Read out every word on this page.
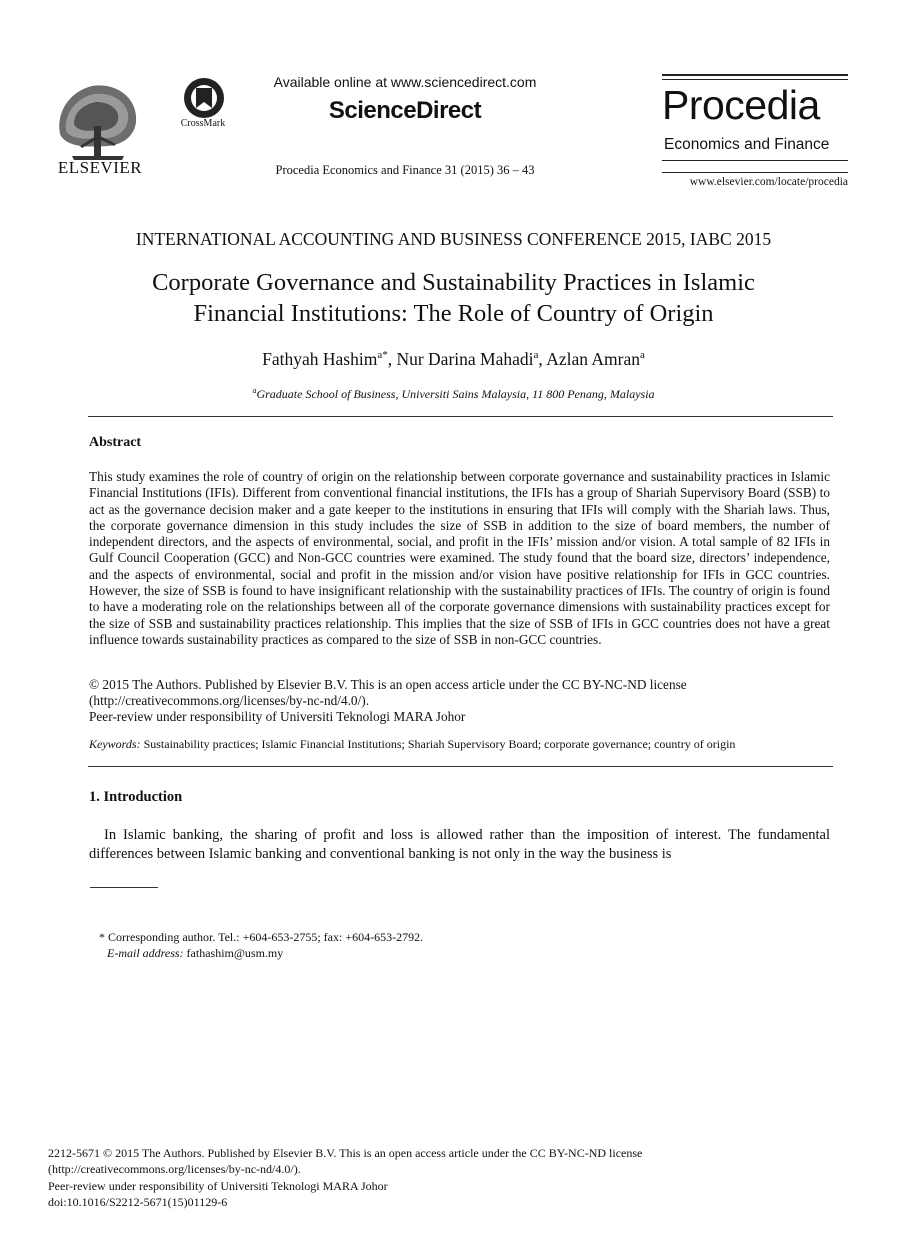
ELSEVIER
CrossMark
Available online at www.sciencedirect.com
ScienceDirect
Procedia Economics and Finance 31 (2015) 36 – 43
Procedia
Economics and Finance
www.elsevier.com/locate/procedia
INTERNATIONAL ACCOUNTING AND BUSINESS CONFERENCE 2015, IABC 2015
Corporate Governance and Sustainability Practices in Islamic
Financial Institutions: The Role of Country of Origin
Fathyah Hashim$^{a*}$, Nur Darina Mahadi$^a$, Azlan Amran$^a$
$^a$Graduate School of Business, Universiti Sains Malaysia, 11 800 Penang, Malaysia
Abstract
This study examines the role of country of origin on the relationship between corporate governance and sustainability practices in Islamic Financial Institutions (IFIs). Different from conventional financial institutions, the IFIs has a group of Shariah Supervisory Board (SSB) to act as the governance decision maker and a gate keeper to the institutions in ensuring that IFIs will comply with the Shariah laws. Thus, the corporate governance dimension in this study includes the size of SSB in addition to the size of board members, the number of independent directors, and the aspects of environmental, social, and profit in the IFIs’ mission and/or vision. A total sample of 82 IFIs in Gulf Council Cooperation (GCC) and Non-GCC countries were examined. The study found that the board size, directors’ independence, and the aspects of environmental, social and profit in the mission and/or vision have positive relationship for IFIs in GCC countries. However, the size of SSB is found to have insignificant relationship with the sustainability practices of IFIs. The country of origin is found to have a moderating role on the relationships between all of the corporate governance dimensions with sustainability practices except for the size of SSB and sustainability practices relationship. This implies that the size of SSB of IFIs in GCC countries does not have a great influence towards sustainability practices as compared to the size of SSB in non-GCC countries.
© 2015 The Authors. Published by Elsevier B.V. This is an open access article under the CC BY-NC-ND license
(http://creativecommons.org/licenses/by-nc-nd/4.0/).
Peer-review under responsibility of Universiti Teknologi MARA Johor
Keywords: Sustainability practices; Islamic Financial Institutions; Shariah Supervisory Board; corporate governance; country of origin
1. Introduction
In Islamic banking, the sharing of profit and loss is allowed rather than the imposition of interest. The fundamental differences between Islamic banking and conventional banking is not only in the way the business is
* Corresponding author. Tel.: +604-653-2755; fax: +604-653-2792.
E-mail address: fathashim@usm.my
2212-5671 © 2015 The Authors. Published by Elsevier B.V. This is an open access article under the CC BY-NC-ND license
(http://creativecommons.org/licenses/by-nc-nd/4.0/).
Peer-review under responsibility of Universiti Teknologi MARA Johor
doi:10.1016/S2212-5671(15)01129-6
